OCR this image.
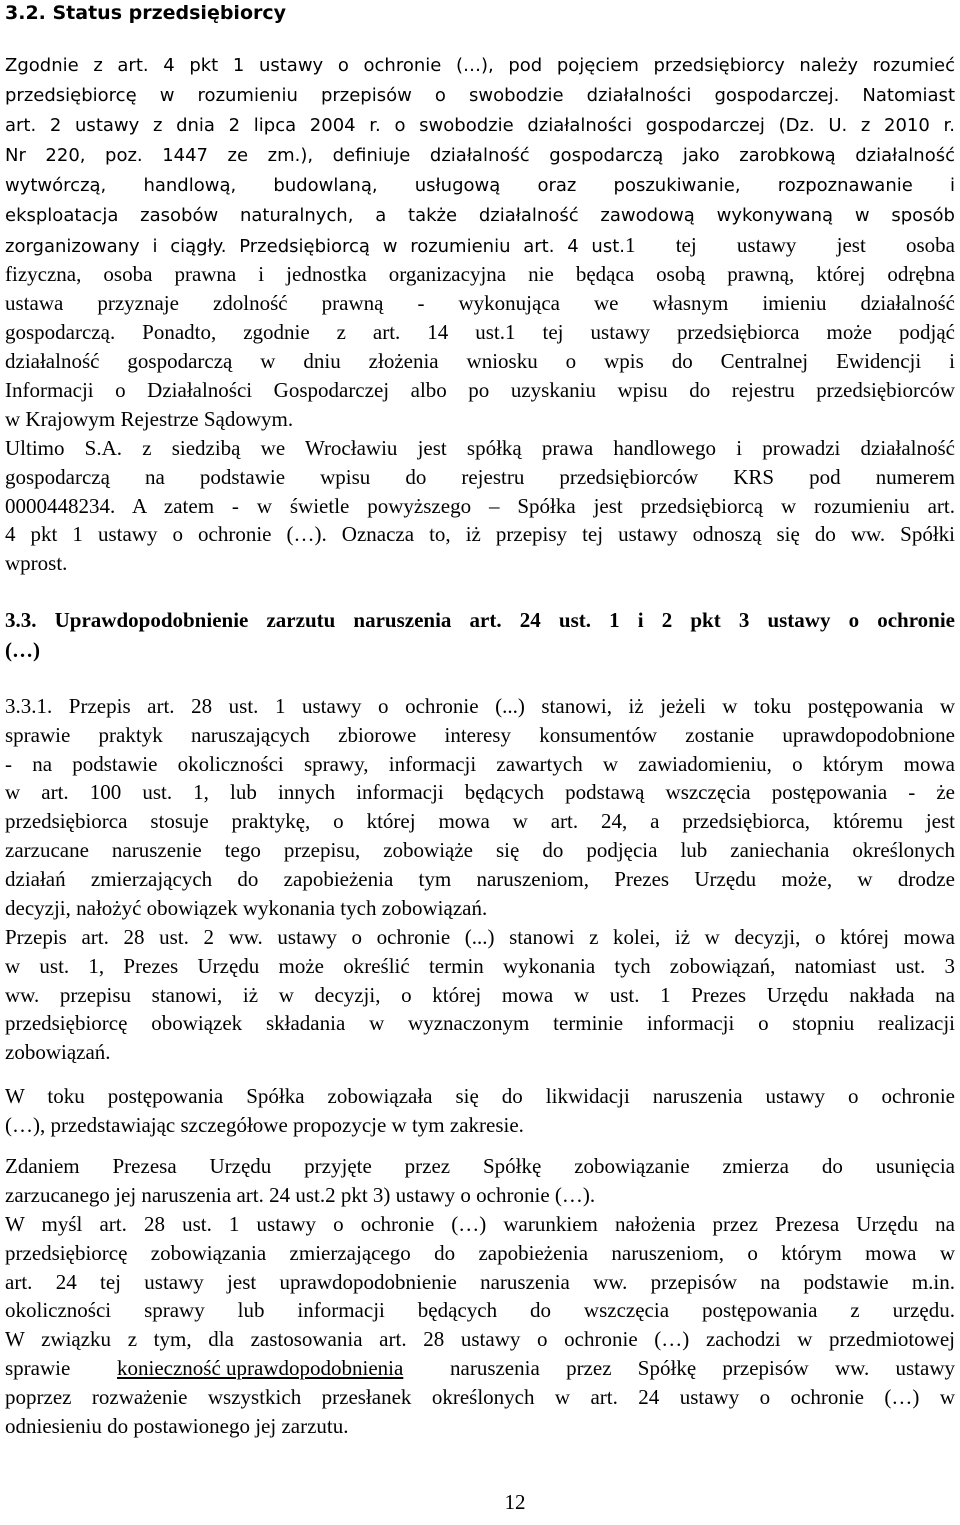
3.2. Status przedsiębiorcy
Zgodnie z art. 4 pkt 1 ustawy o ochronie (…), pod pojęciem przedsiębiorcy należy rozumieć
przedsiębiorcę w rozumieniu przepisów o swobodzie działalności gospodarczej. Natomiast
art. 2 ustawy z dnia 2 lipca 2004 r. o swobodzie działalności gospodarczej (Dz. U. z 2010 r.
Nr 220, poz. 1447 ze zm.), definiuje działalność gospodarczą jako zarobkową działalność
wytwórczą, handlową, budowlaną, usługową oraz poszukiwanie, rozpoznawanie i
eksploatacja zasobów naturalnych, a także działalność zawodową wykonywaną w sposób
zorganizowany i ciągły. Przedsiębiorcą w rozumieniu art. 4 ust.1 tej ustawy jest osoba
fizyczna, osoba prawna i jednostka organizacyjna nie będąca osobą prawną, której odrębna
ustawa przyznaje zdolność prawną - wykonująca we własnym imieniu działalność
gospodarczą. Ponadto, zgodnie z art. 14 ust.1 tej ustawy przedsiębiorca może podjąć
działalność gospodarczą w dniu złożenia wniosku o wpis do Centralnej Ewidencji i
Informacji o Działalności Gospodarczej albo po uzyskaniu wpisu do rejestru przedsiębiorców
w Krajowym Rejestrze Sądowym.
Ultimo S.A. z siedzibą we Wrocławiu jest spółką prawa handlowego i prowadzi działalność
gospodarczą na podstawie wpisu do rejestru przedsiębiorców KRS pod numerem
0000448234. A zatem - w świetle powyższego – Spółka jest przedsiębiorcą w rozumieniu art.
4 pkt 1 ustawy o ochronie (…). Oznacza to, iż przepisy tej ustawy odnoszą się do ww. Spółki
wprost.
3.3. Uprawdopodobnienie zarzutu naruszenia art. 24 ust. 1 i 2 pkt 3 ustawy o ochronie
(…)
3.3.1. Przepis art. 28 ust. 1 ustawy o ochronie (...) stanowi, iż jeżeli w toku postępowania w
sprawie praktyk naruszających zbiorowe interesy konsumentów zostanie uprawdopodobnione
- na podstawie okoliczności sprawy, informacji zawartych w zawiadomieniu, o którym mowa
w art. 100 ust. 1, lub innych informacji będących podstawą wszczęcia postępowania - że
przedsiębiorca stosuje praktykę, o której mowa w art. 24, a przedsiębiorca, któremu jest
zarzucane naruszenie tego przepisu, zobowiąże się do podjęcia lub zaniechania określonych
działań zmierzających do zapobieżenia tym naruszeniom, Prezes Urzędu może, w drodze
decyzji, nałożyć obowiązek wykonania tych zobowiązań.
Przepis art. 28 ust. 2 ww. ustawy o ochronie (...) stanowi z kolei, iż w decyzji, o której mowa
w ust. 1, Prezes Urzędu może określić termin wykonania tych zobowiązań, natomiast ust. 3
ww. przepisu stanowi, iż w decyzji, o której mowa w ust. 1 Prezes Urzędu nakłada na
przedsiębiorcę obowiązek składania w wyznaczonym terminie informacji o stopniu realizacji
zobowiązań.
W toku postępowania Spółka zobowiązała się do likwidacji naruszenia ustawy o ochronie
(…), przedstawiając szczegółowe propozycje w tym zakresie.
Zdaniem Prezesa Urzędu przyjęte przez Spółkę zobowiązanie zmierza do usunięcia
zarzucanego jej naruszenia art. 24 ust.2 pkt 3) ustawy o ochronie (…).
W myśl art. 28 ust. 1 ustawy o ochronie (…) warunkiem nałożenia przez Prezesa Urzędu na
przedsiębiorcę zobowiązania zmierzającego do zapobieżenia naruszeniom, o którym mowa w
art. 24 tej ustawy jest uprawdopodobnienie naruszenia ww. przepisów na podstawie m.in.
okoliczności sprawy lub informacji będących do wszczęcia postępowania z urzędu.
W związku z tym, dla zastosowania art. 28 ustawy o ochronie (…) zachodzi w przedmiotowej
sprawie konieczność uprawdopodobnienia naruszenia przez Spółkę przepisów ww. ustawy
poprzez rozważenie wszystkich przesłanek określonych w art. 24 ustawy o ochronie (…) w
odniesieniu do postawionego jej zarzutu.
12
